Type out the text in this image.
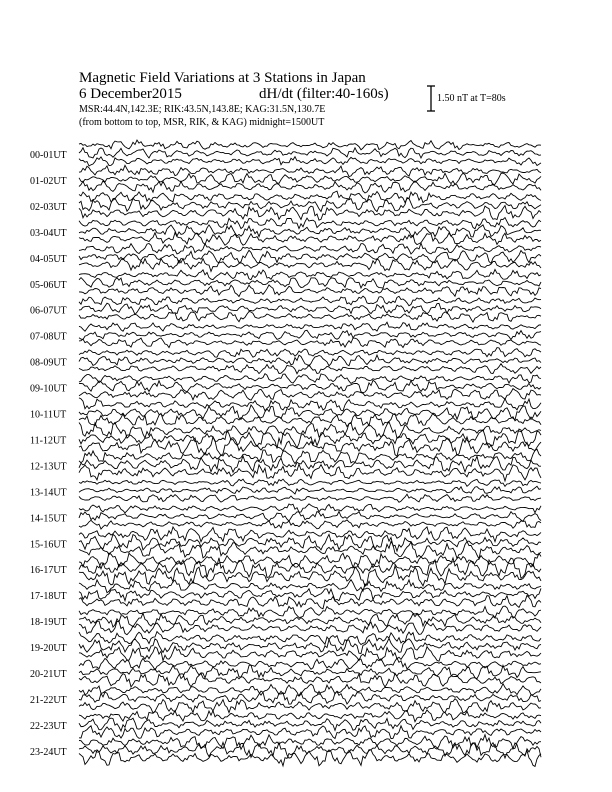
Magnetic Field Variations at 3 Stations in Japan
6 December2015	dH/dt (filter:40-160s)
MSR:44.4N,142.3E; RIK:43.5N,143.8E; KAG:31.5N,130.7E
(from bottom to top, MSR, RIK, & KAG) midnight=1500UT
1.50 nT at T=80s
00-01UT
01-02UT
02-03UT
03-04UT
04-05UT
05-06UT
06-07UT
07-08UT
08-09UT
09-10UT
10-11UT
11-12UT
12-13UT
13-14UT
14-15UT
15-16UT
16-17UT
17-18UT
18-19UT
19-20UT
20-21UT
21-22UT
22-23UT
23-24UT
